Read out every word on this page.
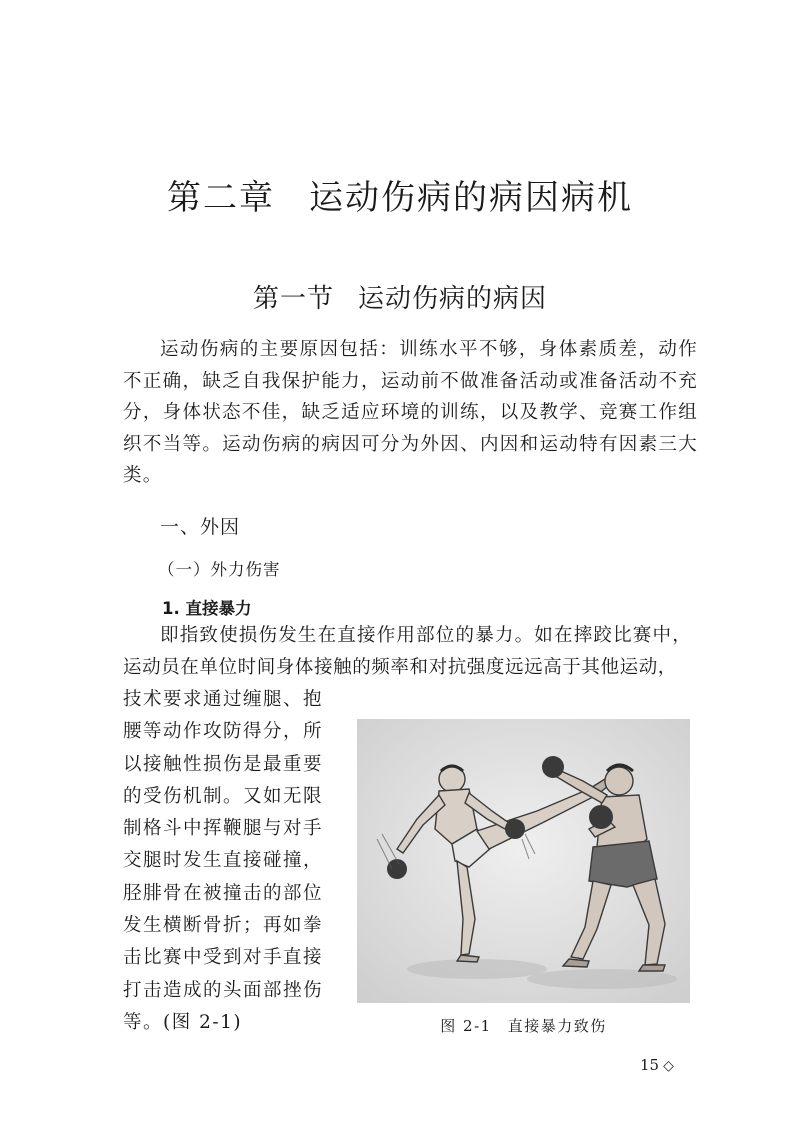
第二章 运动伤病的病因病机
第一节 运动伤病的病因

运动伤病的主要原因包括：训练水平不够，身体素质差，动作不正确，缺乏自我保护能力，运动前不做准备活动或准备活动不充分，身体状态不佳，缺乏适应环境的训练，以及教学、竞赛工作组织不当等。运动伤病的病因可分为外因、内因和运动特有因素三大类。

一、外因
（一）外力伤害
1. 直接暴力

即指致使损伤发生在直接作用部位的暴力。如在摔跤比赛中，
运动员在单位时间身体接触的频率和对抗强度远远高于其他运动，

技术要求通过缠腿、抱
腰等动作攻防得分，所
以接触性损伤是最重要
的受伤机制。又如无限
制格斗中挥鞭腿与对手
交腿时发生直接碰撞，
胫腓骨在被撞击的部位
发生横断骨折；再如拳
击比赛中受到对手直接
打击造成的头面部挫伤
等。(图 2-1)	图 2-1 直接暴力致伤

15 ◇
